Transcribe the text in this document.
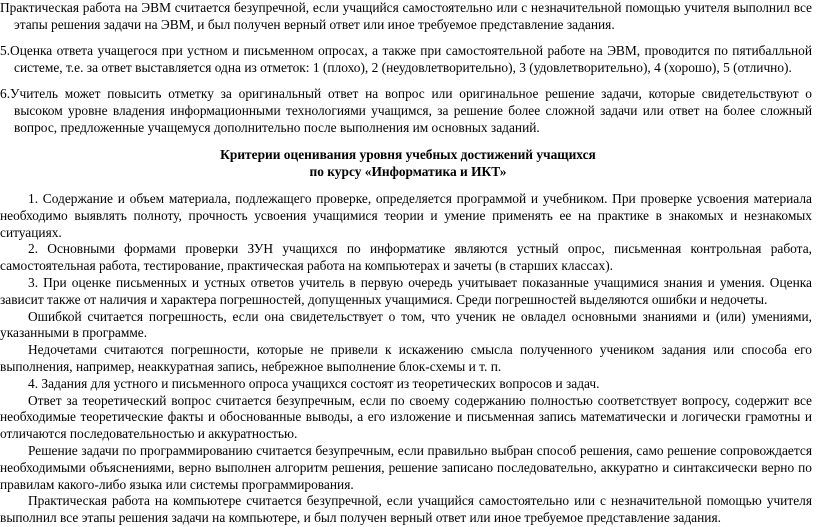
Практическая работа на ЭВМ считается безупречной, если учащийся самостоятельно или с незначительной помощью учителя выполнил все этапы решения задачи на ЭВМ, и был получен верный ответ или иное требуемое представление задания.

5.Оценка ответа учащегося при устном и письменном опросах, а также при самостоятельной работе на ЭВМ, проводится по пятибалльной системе, т.е. за ответ выставляется одна из отметок: 1 (плохо), 2 (неудовлетворительно), 3 (удовлетворительно), 4 (хорошо), 5 (отлично).

6.Учитель может повысить отметку за оригинальный ответ на вопрос или оригинальное решение задачи, которые свидетельствуют о высоком уровне владения информационными технологиями учащимся, за решение более сложной задачи или ответ на более сложный вопрос, предложенные учащемуся дополнительно после выполнения им основных заданий.

Критерии оценивания уровня учебных достижений учащихся
по курсу «Информатика и ИКТ»

1. Содержание и объем материала, подлежащего проверке, определяется программой и учебником. При проверке усвоения материала необходимо выявлять полноту, прочность усвоения учащимися теории и умение применять ее на практике в знакомых и незнакомых ситуациях.

2. Основными формами проверки ЗУН учащихся по информатике являются устный опрос, письменная контрольная работа, самостоятельная работа, тестирование, практическая работа на компьютерах и зачеты (в старших классах).

3. При оценке письменных и устных ответов учитель в первую очередь учитывает показанные учащимися знания и умения. Оценка зависит также от наличия и характера погрешностей, допущенных учащимися. Среди погрешностей выделяются ошибки и недочеты.

Ошибкой считается погрешность, если она свидетельствует о том, что ученик не овладел основными знаниями и (или) умениями, указанными в программе.

Недочетами считаются погрешности, которые не привели к искажению смысла полученного учеником задания или способа его выполнения, например, неаккуратная запись, небрежное выполнение блок-схемы и т. п.

4. Задания для устного и письменного опроса учащихся состоят из теоретических вопросов и задач.

Ответ за теоретический вопрос считается безупречным, если по своему содержанию полностью соответствует вопросу, содержит все необходимые теоретические факты и обоснованные выводы, а его изложение и письменная запись математически и логически грамотны и отличаются последовательностью и аккуратностью.

Решение задачи по программированию считается безупречным, если правильно выбран способ решения, само решение сопровождается необходимыми объяснениями, верно выполнен алгоритм решения, решение записано последовательно, аккуратно и синтаксически верно по правилам какого-либо языка или системы программирования.

Практическая работа на компьютере считается безупречной, если учащийся самостоятельно или с незначительной помощью учителя выполнил все этапы решения задачи на компьютере, и был получен верный ответ или иное требуемое представление задания.
